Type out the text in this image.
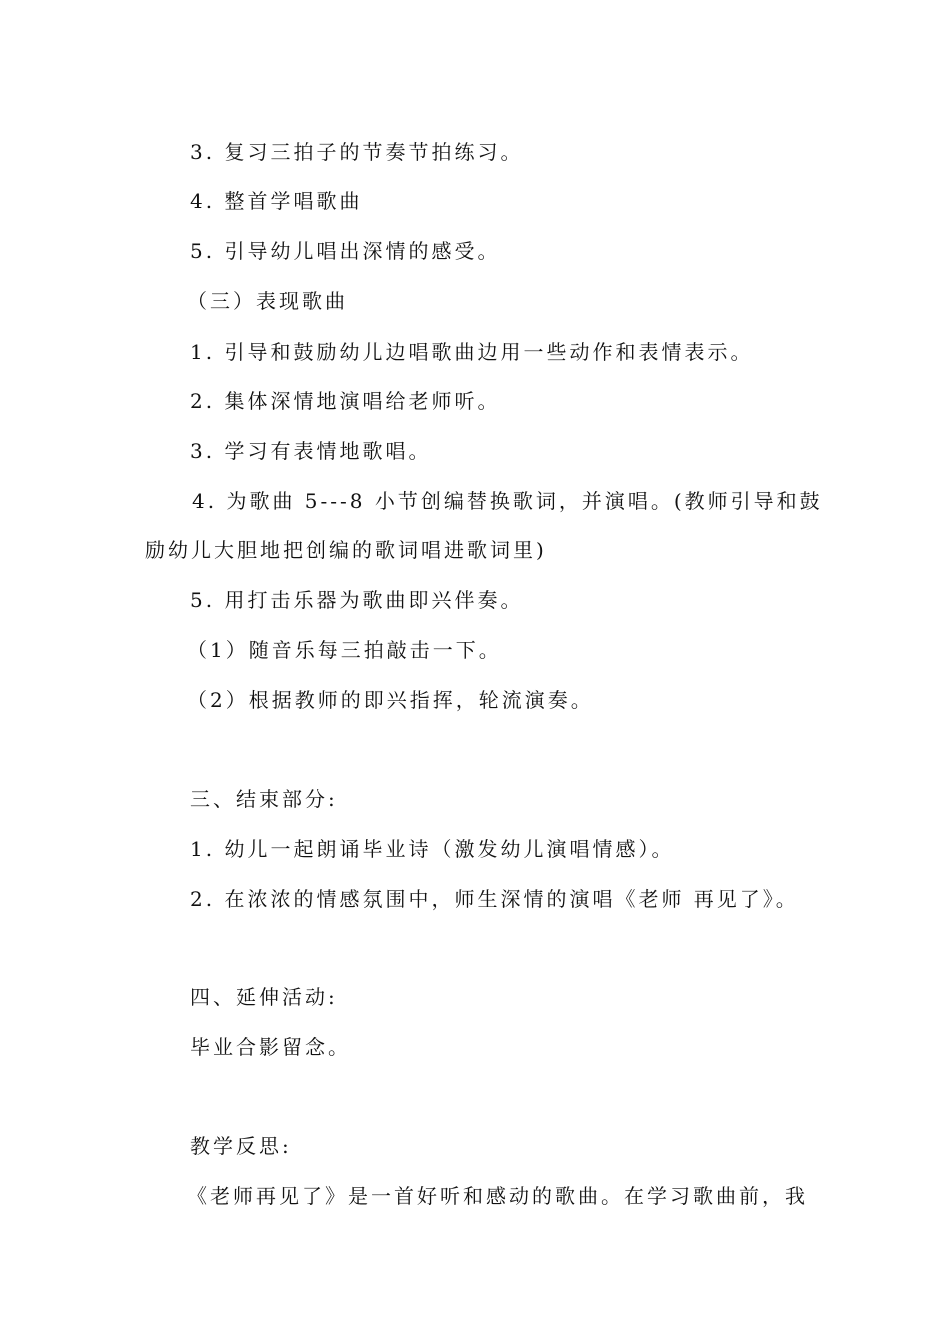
3. 复习三拍子的节奏节拍练习。
4. 整首学唱歌曲
5. 引导幼儿唱出深情的感受。
（三）表现歌曲
1. 引导和鼓励幼儿边唱歌曲边用一些动作和表情表示。
2. 集体深情地演唱给老师听。
3. 学习有表情地歌唱。
4. 为歌曲 5---8 小节创编替换歌词，并演唱。(教师引导和鼓
励幼儿大胆地把创编的歌词唱进歌词里)
5. 用打击乐器为歌曲即兴伴奏。
（1）随音乐每三拍敲击一下。
（2）根据教师的即兴指挥，轮流演奏。
三、结束部分:
1. 幼儿一起朗诵毕业诗（激发幼儿演唱情感）。
2. 在浓浓的情感氛围中，师生深情的演唱《老师 再见了》。
四、延伸活动:
毕业合影留念。
教学反思:
《老师再见了》是一首好听和感动的歌曲。在学习歌曲前，我
